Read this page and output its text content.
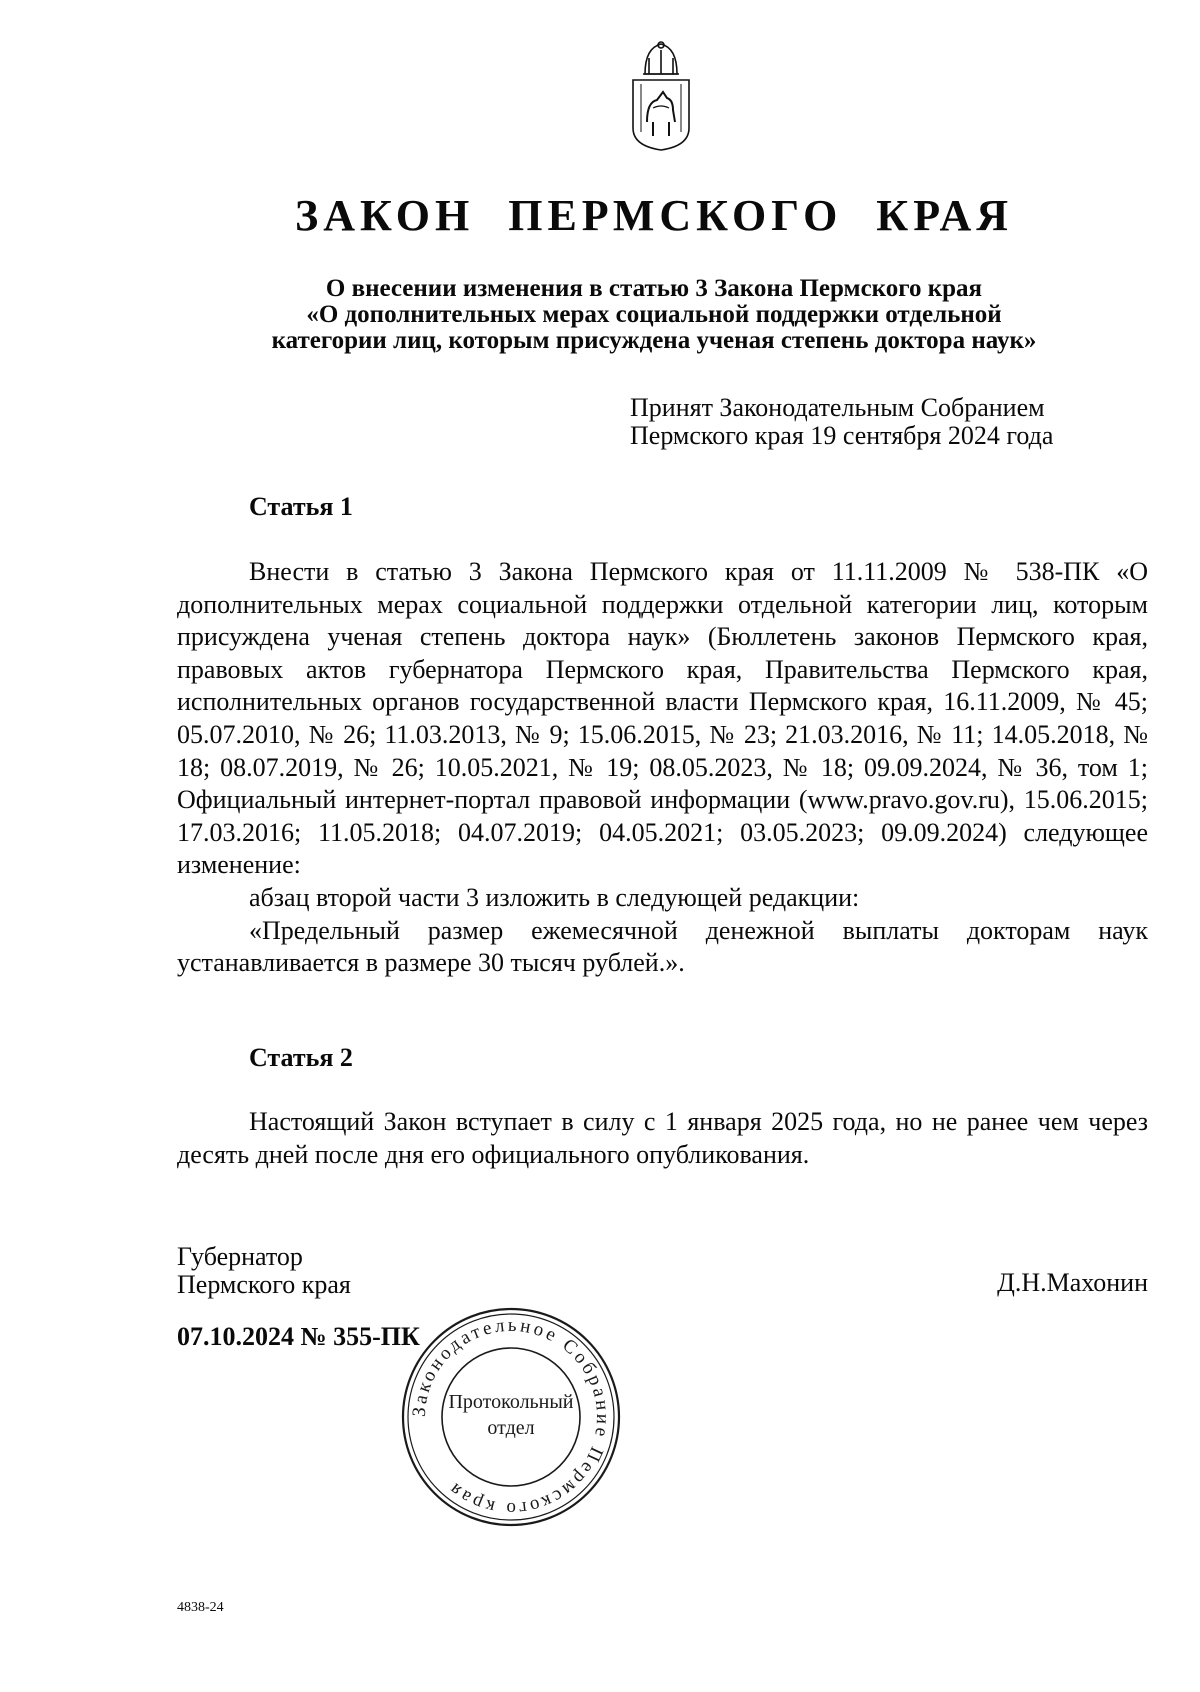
ЗАКОН ПЕРМСКОГО КРАЯ
О внесении изменения в статью 3 Закона Пермского края
«О дополнительных мерах социальной поддержки отдельной
категории лиц, которым присуждена ученая степень доктора наук»
Принят Законодательным Собранием
Пермского края 19 сентября 2024 года
Статья 1

Внести в статью 3 Закона Пермского края от 11.11.2009 № 538-ПК «О дополнительных мерах социальной поддержки отдельной категории лиц, которым присуждена ученая степень доктора наук» (Бюллетень законов Пермского края, правовых актов губернатора Пермского края, Правительства Пермского края, исполнительных органов государственной власти Пермского края, 16.11.2009, № 45; 05.07.2010, № 26; 11.03.2013, № 9; 15.06.2015, № 23; 21.03.2016, № 11; 14.05.2018, № 18; 08.07.2019, № 26; 10.05.2021, № 19; 08.05.2023, № 18; 09.09.2024, № 36, том 1; Официальный интернет-портал правовой информации (www.pravo.gov.ru), 15.06.2015; 17.03.2016; 11.05.2018; 04.07.2019; 04.05.2021; 03.05.2023; 09.09.2024) следующее изменение:

абзац второй части 3 изложить в следующей редакции:

«Предельный размер ежемесячной денежной выплаты докторам наук устанавливается в размере 30 тысяч рублей.».

Статья 2

Настоящий Закон вступает в силу с 1 января 2025 года, но не ранее чем через десять дней после дня его официального опубликования.

Губернатор
Пермского края	Д.Н.Махонин
07.10.2024 № 355-ПК
Законодательное Собрание Пермского края
Протокольный
отдел
4838-24
